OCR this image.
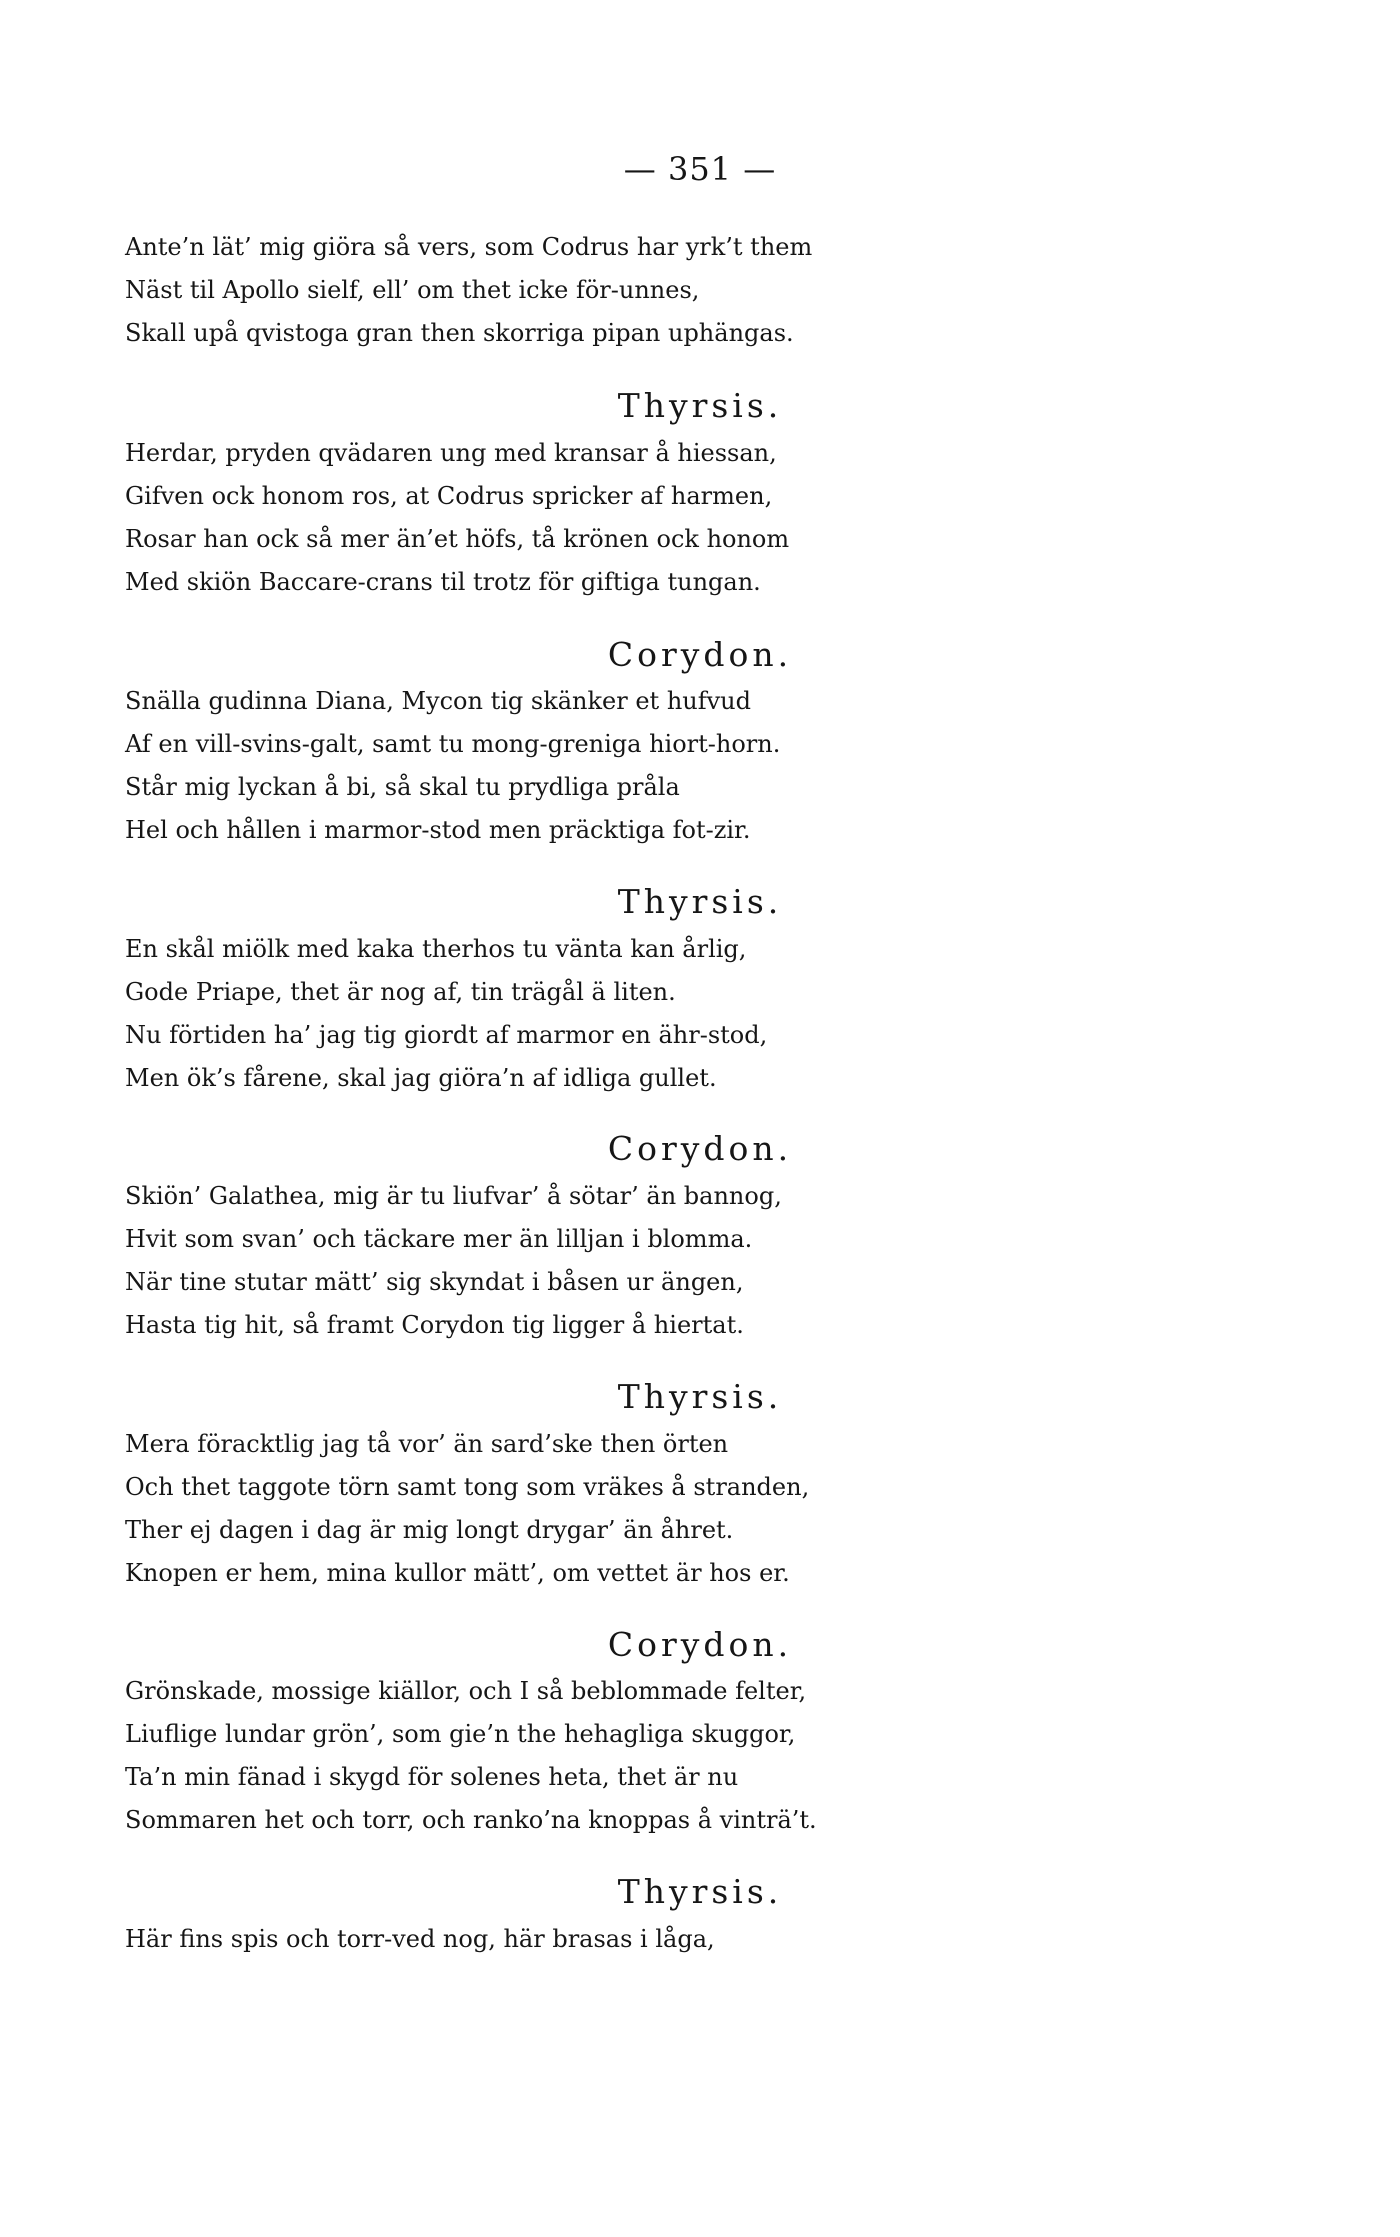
— 351 —
Ante’n lät’ mig giöra så vers, som Codrus har yrk’t them
Näst til Apollo sielf, ell’ om thet icke för-unnes,
Skall upå qvistoga gran then skorriga pipan uphängas.
Thyrsis.
Herdar, pryden qvädaren ung med kransar å hiessan,
Gifven ock honom ros, at Codrus spricker af harmen,
Rosar han ock så mer än’et höfs, tå krönen ock honom
Med skiön Baccare-crans til trotz för giftiga tungan.
Corydon.
Snälla gudinna Diana, Mycon tig skänker et hufvud
Af en vill-svins-galt, samt tu mong-greniga hiort-horn.
Står mig lyckan å bi, så skal tu prydliga pråla
Hel och hållen i marmor-stod men präcktiga fot-zir.
Thyrsis.
En skål miölk med kaka therhos tu vänta kan årlig,
Gode Priape, thet är nog af, tin trägål ä liten.
Nu förtiden ha’ jag tig giordt af marmor en ähr-stod,
Men ök’s fårene, skal jag giöra’n af idliga gullet.
Corydon.
Skiön’ Galathea, mig är tu liufvar’ å sötar’ än bannog,
Hvit som svan’ och täckare mer än lilljan i blomma.
När tine stutar mätt’ sig skyndat i båsen ur ängen,
Hasta tig hit, så framt Corydon tig ligger å hiertat.
Thyrsis.
Mera föracktlig jag tå vor’ än sard’ske then örten
Och thet taggote törn samt tong som vräkes å stranden,
Ther ej dagen i dag är mig longt drygar’ än åhret.
Knopen er hem, mina kullor mätt’, om vettet är hos er.
Corydon.
Grönskade, mossige kiällor, och I så beblommade felter,
Liuflige lundar grön’, som gie’n the hehagliga skuggor,
Ta’n min fänad i skygd för solenes heta, thet är nu
Sommaren het och torr, och ranko’na knoppas å vinträ’t.
Thyrsis.
Här fins spis och torr-ved nog, här brasas i låga,
